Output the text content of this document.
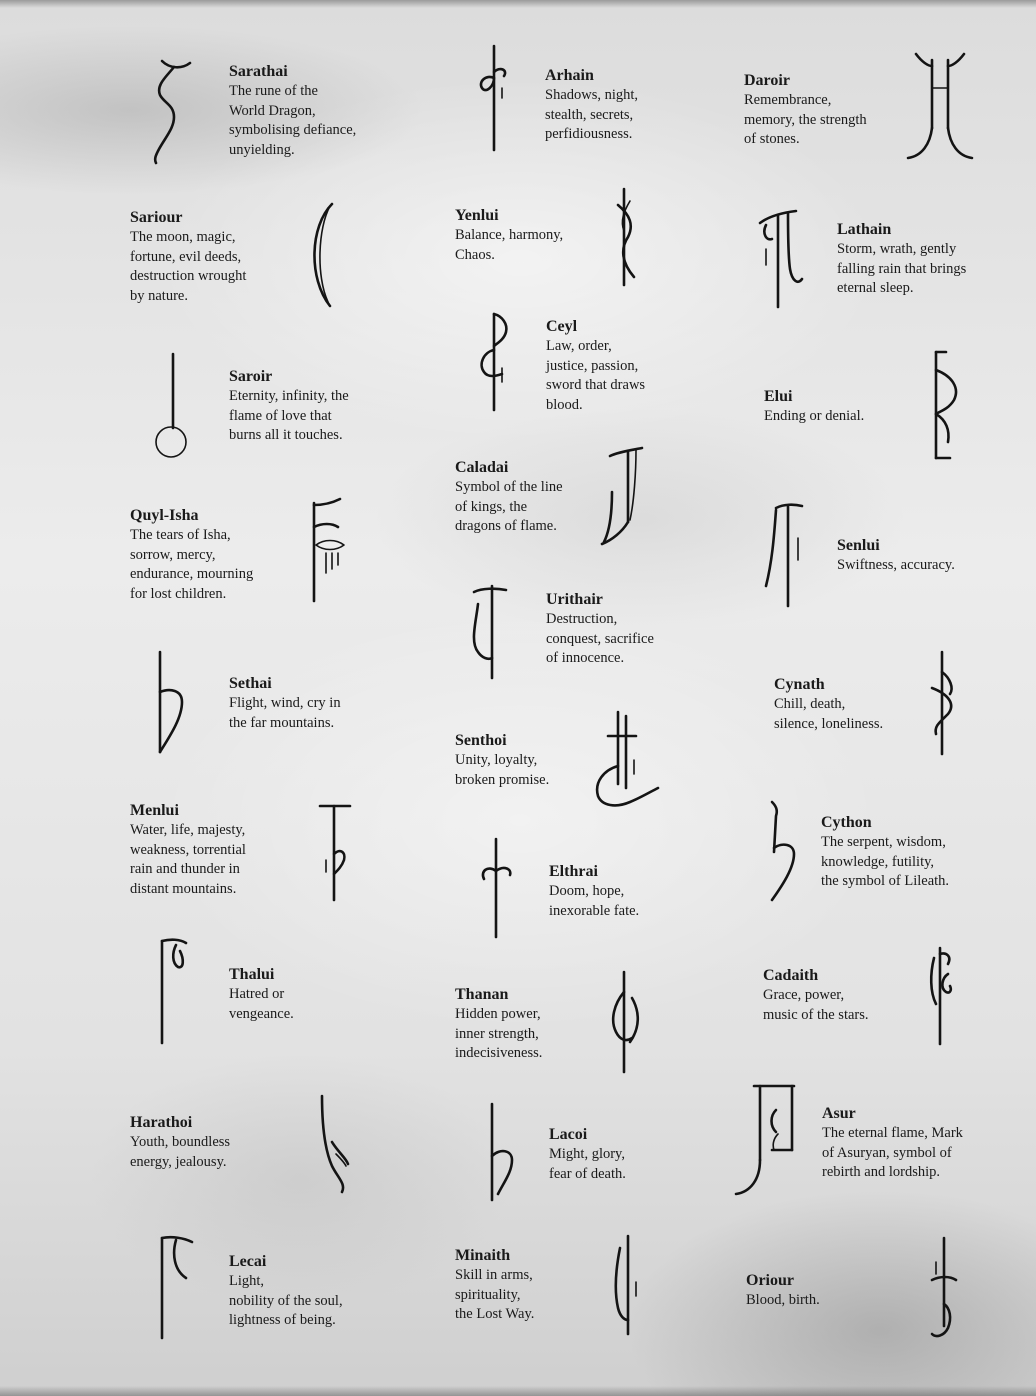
Sarathai
The rune of the
World Dragon,
symbolising defiance,
unyielding.
Sariour
The moon, magic,
fortune, evil deeds,
destruction wrought
by nature.
Saroir
Eternity, infinity, the
flame of love that
burns all it touches.
Quyl-Isha
The tears of Isha,
sorrow, mercy,
endurance, mourning
for lost children.
Sethai
Flight, wind, cry in
the far mountains.
Menlui
Water, life, majesty,
weakness, torrential
rain and thunder in
distant mountains.
Thalui
Hatred or
vengeance.
Harathoi
Youth, boundless
energy, jealousy.
Lecai
Light,
nobility of the soul,
lightness of being.
Arhain
Shadows, night,
stealth, secrets,
perfidiousness.
Yenlui
Balance, harmony,
Chaos.
Ceyl
Law, order,
justice, passion,
sword that draws
blood.
Caladai
Symbol of the line
of kings, the
dragons of flame.
Urithair
Destruction,
conquest, sacrifice
of innocence.
Senthoi
Unity, loyalty,
broken promise.
Elthrai
Doom, hope,
inexorable fate.
Thanan
Hidden power,
inner strength,
indecisiveness.
Lacoi
Might, glory,
fear of death.
Minaith
Skill in arms,
spirituality,
the Lost Way.
Daroir
Remembrance,
memory, the strength
of stones.
Lathain
Storm, wrath, gently
falling rain that brings
eternal sleep.
Elui
Ending or denial.
Senlui
Swiftness, accuracy.
Cynath
Chill, death,
silence, loneliness.
Cython
The serpent, wisdom,
knowledge, futility,
the symbol of Lileath.
Cadaith
Grace, power,
music of the stars.
Asur
The eternal flame, Mark
of Asuryan, symbol of
rebirth and lordship.
Oriour
Blood, birth.
